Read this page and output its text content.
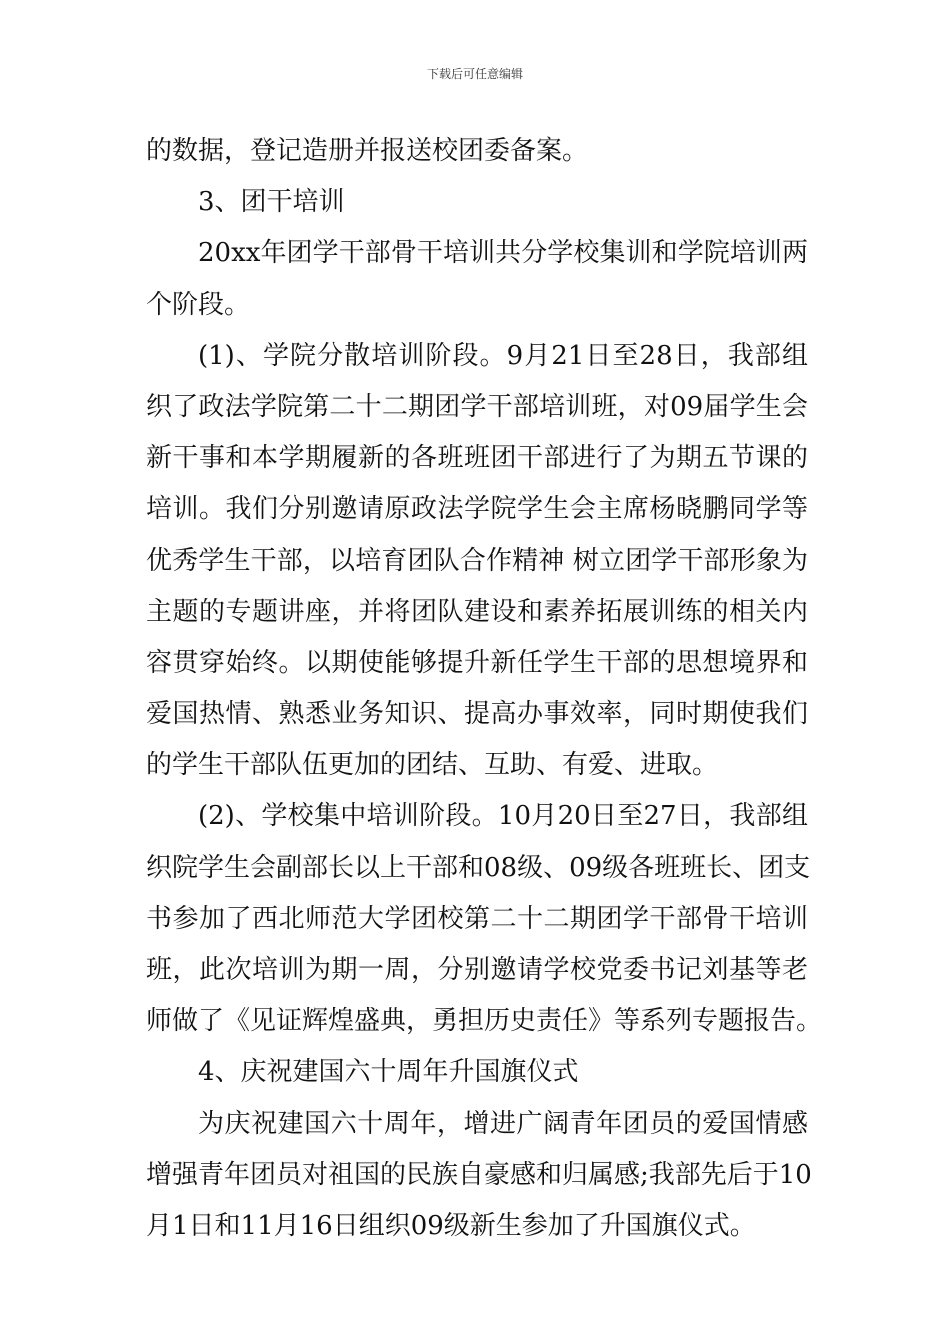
下载后可任意编辑
的数据，登记造册并报送校团委备案。
3、团干培训
20xx年团学干部骨干培训共分学校集训和学院培训两
个阶段。
(1)、学院分散培训阶段。9月21日至28日，我部组
织了政法学院第二十二期团学干部培训班，对09届学生会
新干事和本学期履新的各班班团干部进行了为期五节课的
培训。我们分别邀请原政法学院学生会主席杨晓鹏同学等
优秀学生干部，以培育团队合作精神 树立团学干部形象为
主题的专题讲座，并将团队建设和素养拓展训练的相关内
容贯穿始终。以期使能够提升新任学生干部的思想境界和
爱国热情、熟悉业务知识、提高办事效率，同时期使我们
的学生干部队伍更加的团结、互助、有爱、进取。
(2)、学校集中培训阶段。10月20日至27日，我部组
织院学生会副部长以上干部和08级、09级各班班长、团支
书参加了西北师范大学团校第二十二期团学干部骨干培训
班，此次培训为期一周，分别邀请学校党委书记刘基等老
师做了《见证辉煌盛典，勇担历史责任》等系列专题报告。
4、庆祝建国六十周年升国旗仪式
为庆祝建国六十周年，增进广阔青年团员的爱国情感
增强青年团员对祖国的民族自豪感和归属感;我部先后于10
月1日和11月16日组织09级新生参加了升国旗仪式。
